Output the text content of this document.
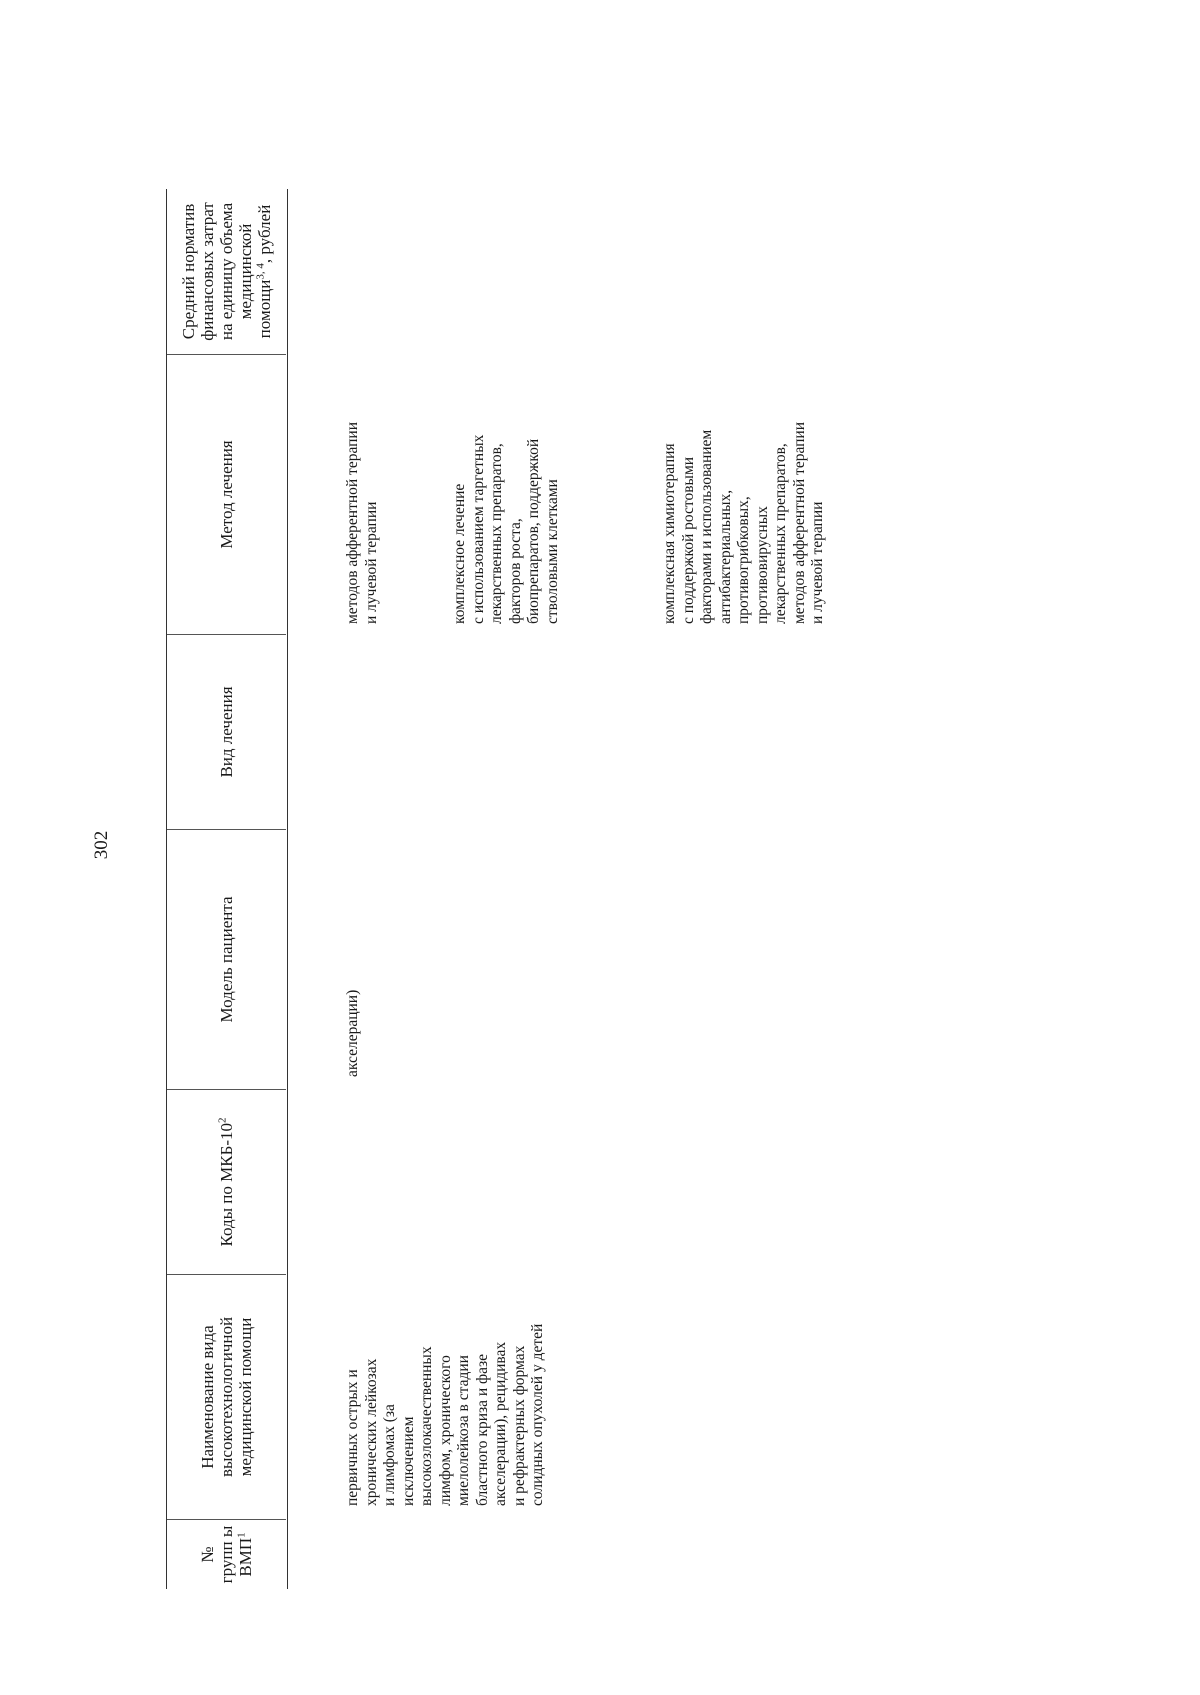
302
№ групп ы ВМП$^1$
Наименование вида высокотехнологичной медицинской помощи
Коды по МКБ-$10^2$
Модель пациента
Вид лечения
Метод лечения
Средний норматив финансовых затрат на единицу объема медицинской помощи$^{3, 4}$, рублей
первичных острых и
хронических лейкозах
и лимфомах (за
исключением
высокозлокачественных
лимфом, хронического
миелолейкоза в стадии
бластного криза и фазе
акселерации), рецидивах
и рефрактерных формах
солидных опухолей у детей
акселерации)
методов афферентной терапии
и лучевой терапии
комплексное лечение
с использованием таргетных
лекарственных препаратов,
факторов роста,
биопрепаратов, поддержкой
стволовыми клетками
комплексная химиотерапия
с поддержкой ростовыми
факторами и использованием
антибактериальных,
противогрибковых,
противовирусных
лекарственных препаратов,
методов афферентной терапии
и лучевой терапии
